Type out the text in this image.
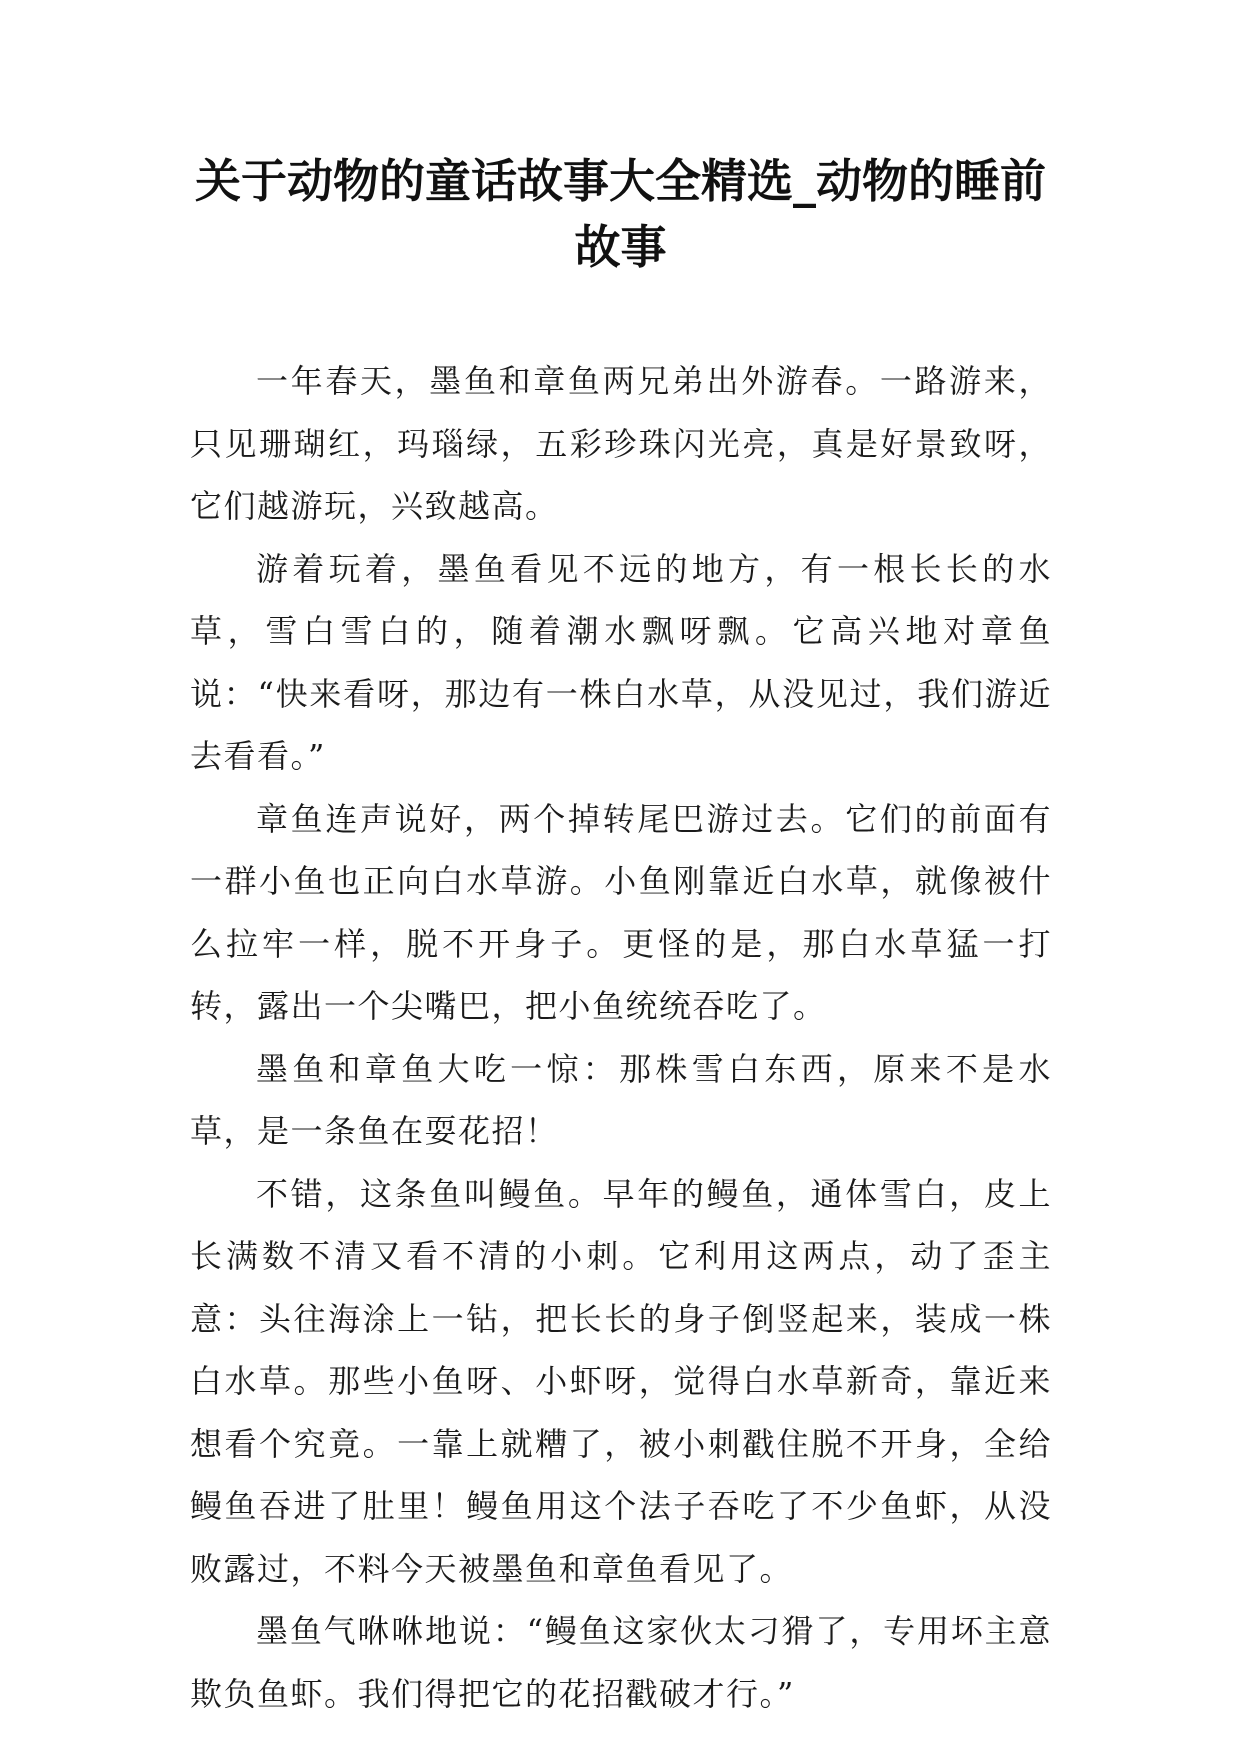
关于动物的童话故事大全精选_动物的睡前
故事

一年春天，墨鱼和章鱼两兄弟出外游春。一路游来，只见珊瑚红，玛瑙绿，五彩珍珠闪光亮，真是好景致呀，它们越游玩，兴致越高。

游着玩着，墨鱼看见不远的地方，有一根长长的水草，雪白雪白的，随着潮水飘呀飘。它高兴地对章鱼说：“快来看呀，那边有一株白水草，从没见过，我们游近去看看。”

章鱼连声说好，两个掉转尾巴游过去。它们的前面有一群小鱼也正向白水草游。小鱼刚靠近白水草，就像被什么拉牢一样，脱不开身子。更怪的是，那白水草猛一打转，露出一个尖嘴巴，把小鱼统统吞吃了。

墨鱼和章鱼大吃一惊：那株雪白东西，原来不是水草，是一条鱼在耍花招！

不错，这条鱼叫鳗鱼。早年的鳗鱼，通体雪白，皮上长满数不清又看不清的小刺。它利用这两点，动了歪主意：头往海涂上一钻，把长长的身子倒竖起来，装成一株白水草。那些小鱼呀、小虾呀，觉得白水草新奇，靠近来想看个究竟。一靠上就糟了，被小刺戳住脱不开身，全给鳗鱼吞进了肚里！鳗鱼用这个法子吞吃了不少鱼虾，从没败露过，不料今天被墨鱼和章鱼看见了。

墨鱼气咻咻地说：“鳗鱼这家伙太刁猾了，专用坏主意欺负鱼虾。我们得把它的花招戳破才行。”
